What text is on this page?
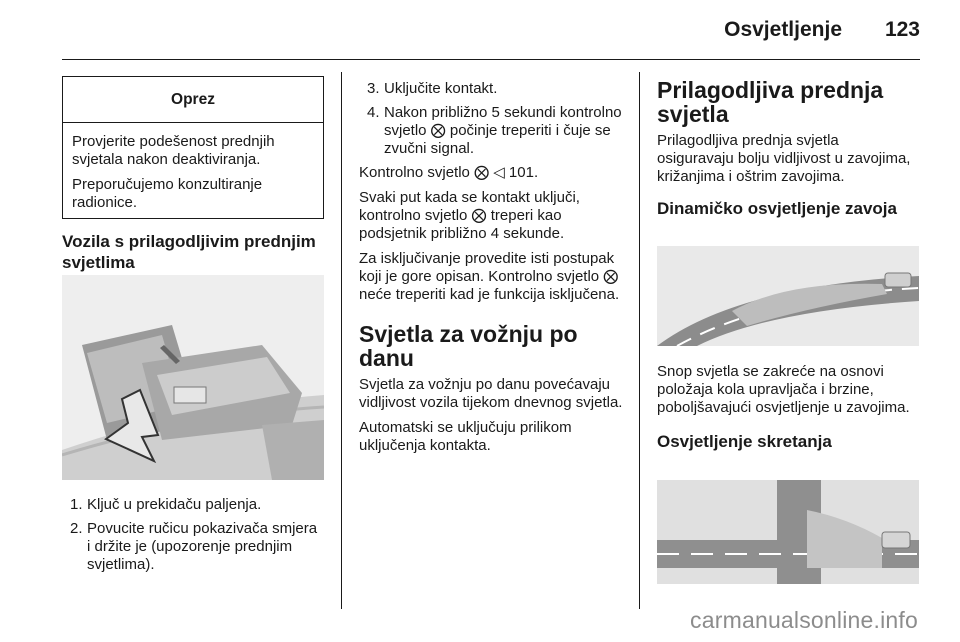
Osvjetljenje 123
Oprez

Provjerite podešenost prednjih svjetala nakon deaktiviranja.

Preporučujemo konzultiranje radionice.

Vozila s prilagodljivim prednjim svjetlima
1. Ključ u prekidaču paljenja.
2. Povucite ručicu pokazivača smjera i držite je (upozorenje prednjim svjetlima).
3. Uključite kontakt.
4. Nakon približno 5 sekundi kontrolno svjetlo ⨂ počinje treperiti i čuje se zvučni signal.

Kontrolno svjetlo ⨂ ◁ 101.

Svaki put kada se kontakt uključi, kontrolno svjetlo ⨂ treperi kao podsjetnik približno 4 sekunde.

Za isključivanje provedite isti postupak koji je gore opisan. Kontrolno svjetlo ⨂ neće treperiti kad je funkcija isključena.

Svjetla za vožnju po danu

Svjetla za vožnju po danu povećavaju vidljivost vozila tijekom dnevnog svjetla.

Automatski se uključuju prilikom uključenja kontakta.

Prilagodljiva prednja svjetla

Prilagodljiva prednja svjetla osiguravaju bolju vidljivost u zavojima, križanjima i oštrim zavojima.

Dinamičko osvjetljenje zavoja

Snop svjetla se zakreće na osnovi položaja kola upravljača i brzine, poboljšavajući osvjetljenje u zavojima.

Osvjetljenje skretanja
carmanualsonline.info
